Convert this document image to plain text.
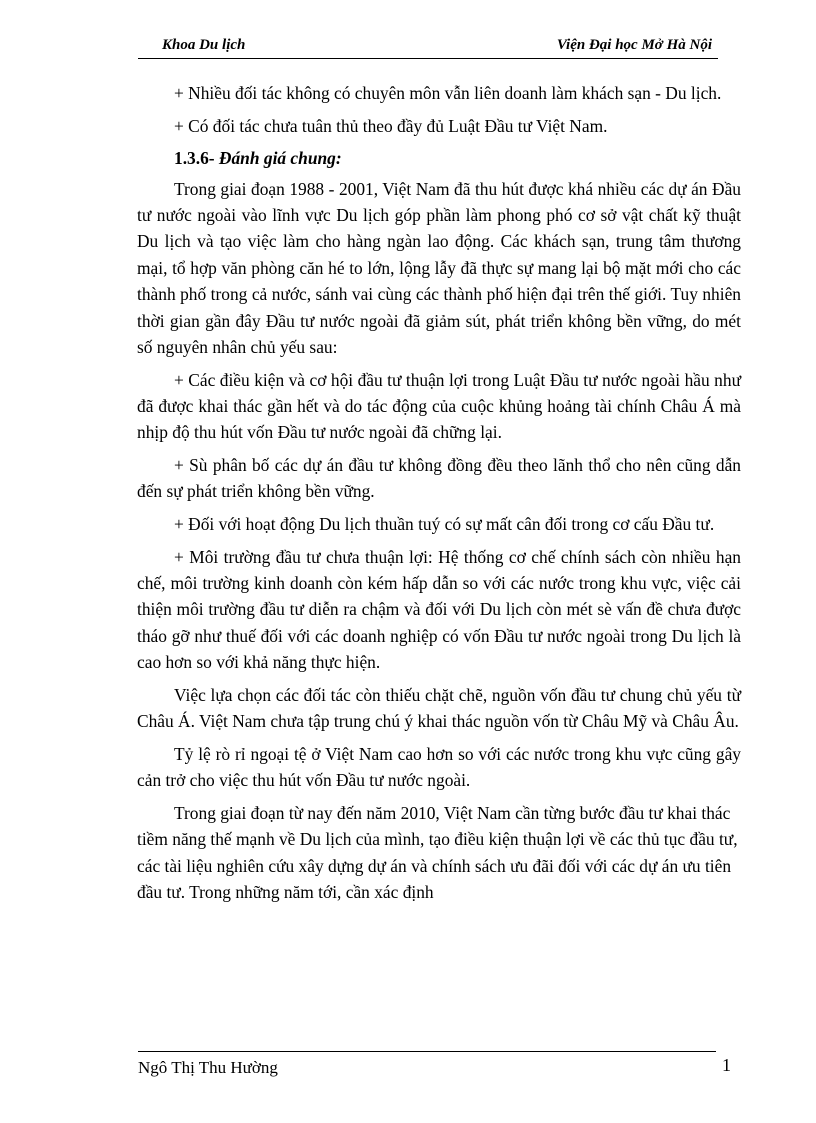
Khoa Du lịch	Viện Đại học Mở Hà Nội

+ Nhiều đối tác không có chuyên môn vẫn liên doanh làm khách sạn - Du lịch.

+ Có đối tác chưa tuân thủ theo đầy đủ Luật Đầu tư Việt Nam.

1.3.6- Đánh giá chung:

Trong giai đoạn 1988 - 2001, Việt Nam đã thu hút được khá nhiều các dự án Đầu tư nước ngoài vào lĩnh vực Du lịch góp phần làm phong phó cơ sở vật chất kỹ thuật Du lịch và tạo việc làm cho hàng ngàn lao động. Các khách sạn, trung tâm thương mại, tổ hợp văn phòng căn hé to lớn, lộng lẫy đã thực sự mang lại bộ mặt mới cho các thành phố trong cả nước, sánh vai cùng các thành phố hiện đại trên thế giới. Tuy nhiên thời gian gần đây Đầu tư nước ngoài đã giảm sút, phát triển không bền vững, do mét số nguyên nhân chủ yếu sau:

+ Các điều kiện và cơ hội đầu tư thuận lợi trong Luật Đầu tư nước ngoài hầu như đã được khai thác gần hết và do tác động của cuộc khủng hoảng tài chính Châu Á mà nhịp độ thu hút vốn Đầu tư nước ngoài đã chững lại.

+ Sù phân bố các dự án đầu tư không đồng đều theo lãnh thổ cho nên cũng dẫn đến sự phát triển không bền vững.

+ Đối với hoạt động Du lịch thuần tuý có sự mất cân đối trong cơ cấu Đầu tư.

+ Môi trường đầu tư chưa thuận lợi: Hệ thống cơ chế chính sách còn nhiều hạn chế, môi trường kinh doanh còn kém hấp dẫn so với các nước trong khu vực, việc cải thiện môi trường đầu tư diễn ra chậm và đối với Du lịch còn mét sè vấn đề chưa được tháo gỡ như thuế đối với các doanh nghiệp có vốn Đầu tư nước ngoài trong Du lịch là cao hơn so với khả năng thực hiện.

Việc lựa chọn các đối tác còn thiếu chặt chẽ, nguồn vốn đầu tư chung chủ yếu từ Châu Á. Việt Nam chưa tập trung chú ý khai thác nguồn vốn từ Châu Mỹ và Châu Âu.

Tỷ lệ rò rỉ ngoại tệ ở Việt Nam cao hơn so với các nước trong khu vực cũng gây cản trở cho việc thu hút vốn Đầu tư nước ngoài.

Trong giai đoạn từ nay đến năm 2010, Việt Nam cần từng bước đầu tư khai thác tiềm năng thế mạnh về Du lịch của mình, tạo điều kiện thuận lợi về các thủ tục đầu tư, các tài liệu nghiên cứu xây dựng dự án và chính sách ưu đãi đối với các dự án ưu tiên đầu tư. Trong những năm tới, cần xác định

Ngô Thị Thu Hường	1
